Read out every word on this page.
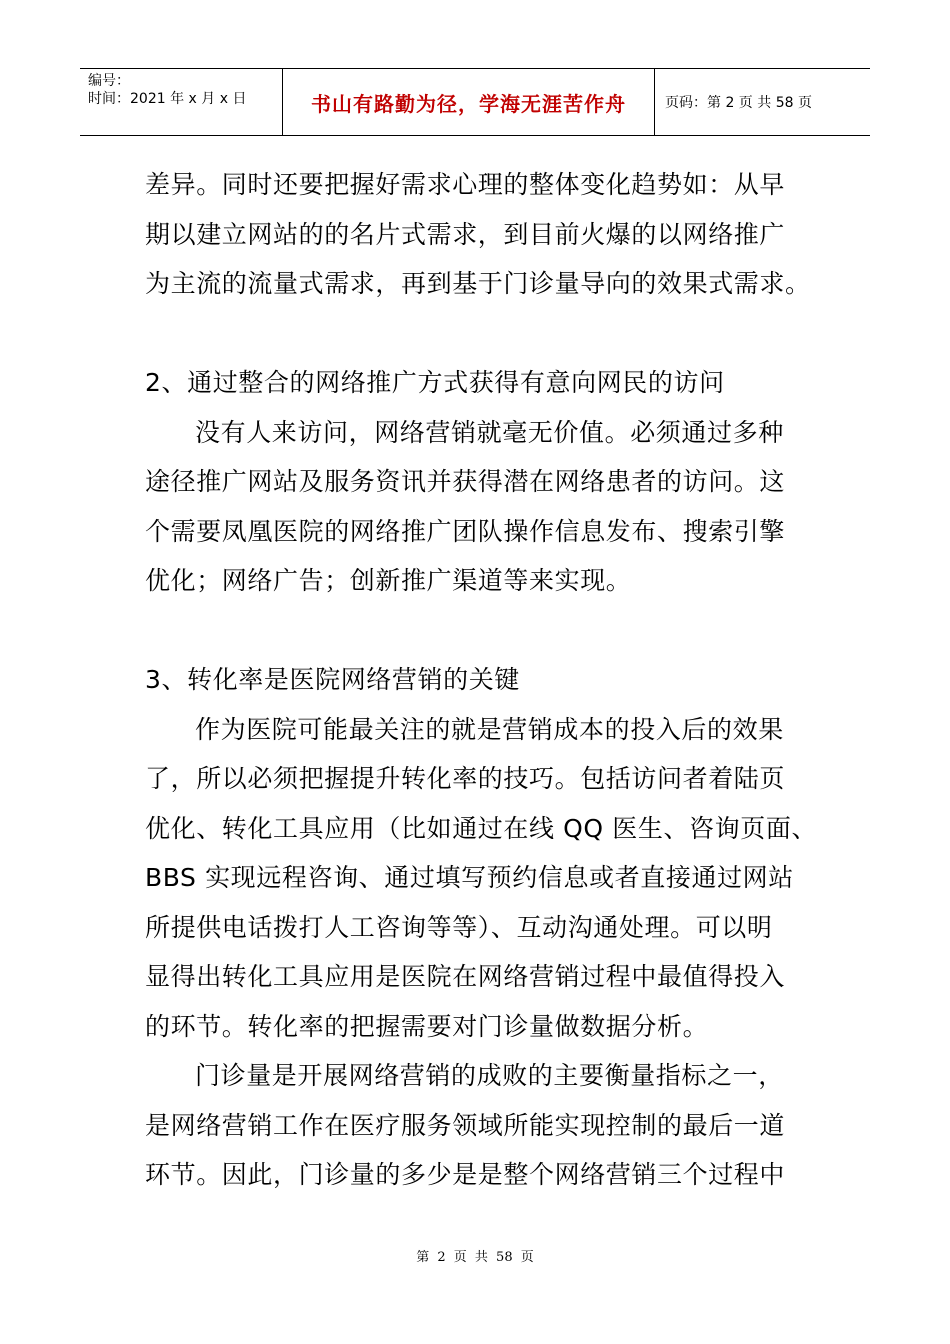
编号：
时间：2021 年 x 月 x 日	书山有路勤为径，学海无涯苦作舟	页码：第 2 页 共 58 页

差异。同时还要把握好需求心理的整体变化趋势如：从早

期以建立网站的的名片式需求，到目前火爆的以网络推广

为主流的流量式需求，再到基于门诊量导向的效果式需求。

2、通过整合的网络推广方式获得有意向网民的访问

没有人来访问，网络营销就毫无价值。必须通过多种

途径推广网站及服务资讯并获得潜在网络患者的访问。这

个需要凤凰医院的网络推广团队操作信息发布、搜索引擎

优化；网络广告；创新推广渠道等来实现。

3、转化率是医院网络营销的关键

作为医院可能最关注的就是营销成本的投入后的效果

了，所以必须把握提升转化率的技巧。包括访问者着陆页

优化、转化工具应用（比如通过在线 QQ 医生、咨询页面、

BBS 实现远程咨询、通过填写预约信息或者直接通过网站

所提供电话拨打人工咨询等等）、互动沟通处理。可以明

显得出转化工具应用是医院在网络营销过程中最值得投入

的环节。转化率的把握需要对门诊量做数据分析。

门诊量是开展网络营销的成败的主要衡量指标之一，

是网络营销工作在医疗服务领域所能实现控制的最后一道

环节。因此，门诊量的多少是是整个网络营销三个过程中

第 2 页 共 58 页
